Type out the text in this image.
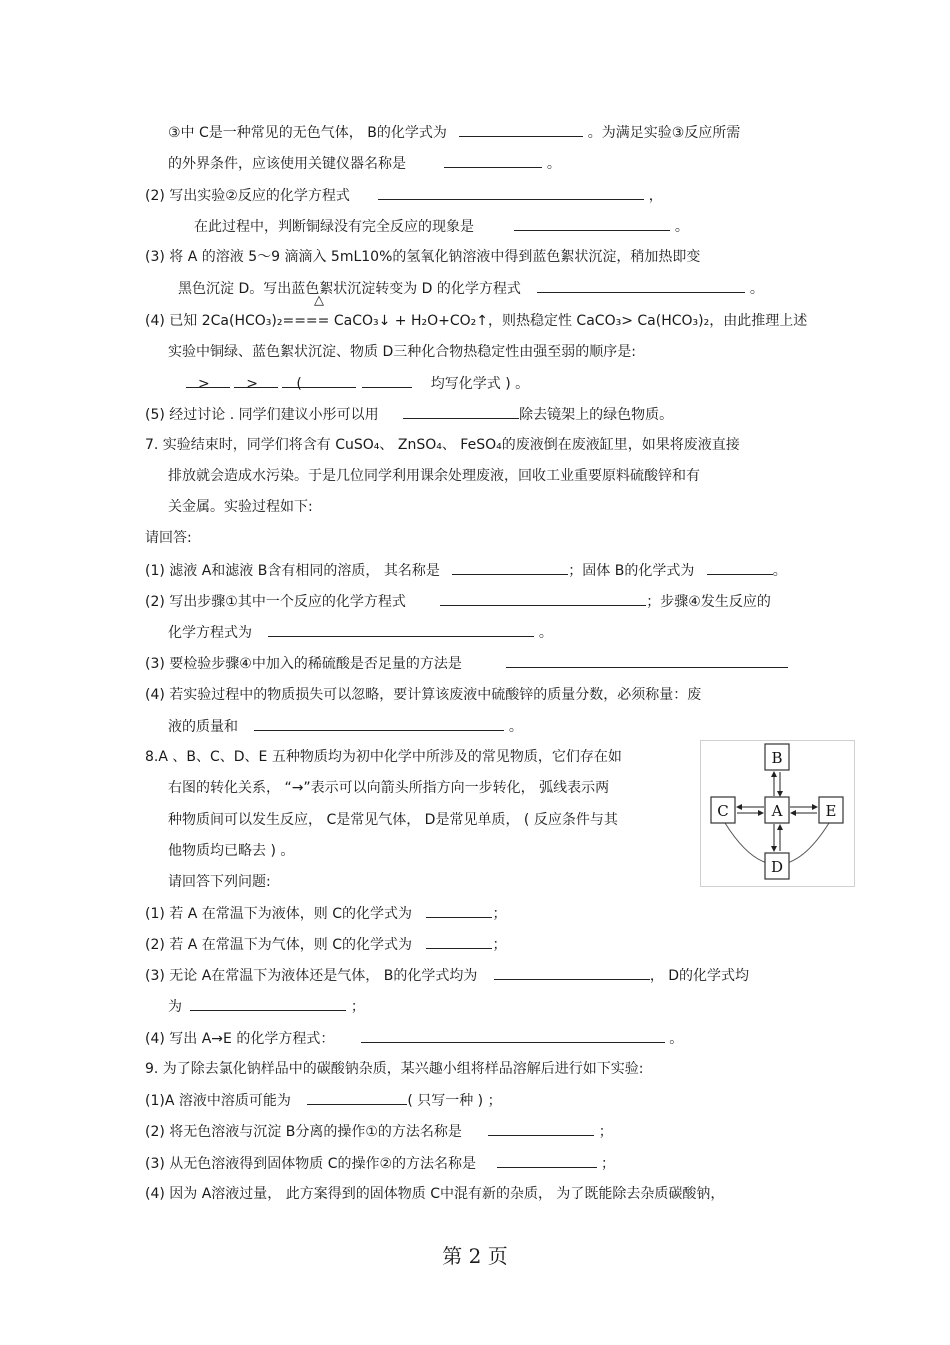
③中 C是一种常见的无色气体， B的化学式为	。为满足实验③反应所需
的外界条件，应该使用关键仪器名称是	。
(2) 写出实验②反应的化学方程式	，
在此过程中，判断铜绿没有完全反应的现象是	。
(3) 将 A 的溶液 5～9 滴滴入 5mL10%的氢氧化钠溶液中得到蓝色絮状沉淀，稍加热即变
黑色沉淀 D。写出蓝色絮状沉淀转变为 D 的化学方程式	。
△
(4) 已知 2Ca(HCO₃)₂==== CaCO₃↓ + H₂O+CO₂↑，则热稳定性 CaCO₃> Ca(HCO₃)₂，由此推理上述
实验中铜绿、蓝色絮状沉淀、物质 D三种化合物热稳定性由强至弱的顺序是:
>	>	(	均写化学式 ) 。
(5) 经过讨论 . 同学们建议小彤可以用	除去镜架上的绿色物质。
7. 实验结束时，同学们将含有 CuSO₄、 ZnSO₄、 FeSO₄的废液倒在废液缸里，如果将废液直接
排放就会造成水污染。于是几位同学利用课余处理废液，回收工业重要原料硫酸锌和有
关金属。实验过程如下:
请回答:
(1) 滤液 A和滤液 B含有相同的溶质， 其名称是	；固体 B的化学式为	。
(2) 写出步骤①其中一个反应的化学方程式	；步骤④发生反应的
化学方程式为	。
(3) 要检验步骤④中加入的稀硫酸是否足量的方法是
(4) 若实验过程中的物质损失可以忽略，要计算该废液中硫酸锌的质量分数，必须称量：废
液的质量和	。
8.A 、B、C、D、E 五种物质均为初中化学中所涉及的常见物质，它们存在如
右图的转化关系， “→”表示可以向箭头所指方向一步转化， 弧线表示两
种物质间可以发生反应， C是常见气体， D是常见单质， ( 反应条件与其
他物质均已略去 ) 。
请回答下列问题:
(1) 若 A 在常温下为液体，则 C的化学式为	；
(2) 若 A 在常温下为气体，则 C的化学式为	；
(3) 无论 A在常温下为液体还是气体， B的化学式均为	， D的化学式均
为	；
(4) 写出 A→E 的化学方程式：	。
9. 为了除去氯化钠样品中的碳酸钠杂质，某兴趣小组将样品溶解后进行如下实验:
(1)A 溶液中溶质可能为	( 只写一种 ) ；
(2) 将无色溶液与沉淀 B分离的操作①的方法名称是	；
(3) 从无色溶液得到固体物质 C的操作②的方法名称是	；
(4) 因为 A溶液过量， 此方案得到的固体物质 C中混有新的杂质， 为了既能除去杂质碳酸钠，
B
A
C	E
D
第 2 页
